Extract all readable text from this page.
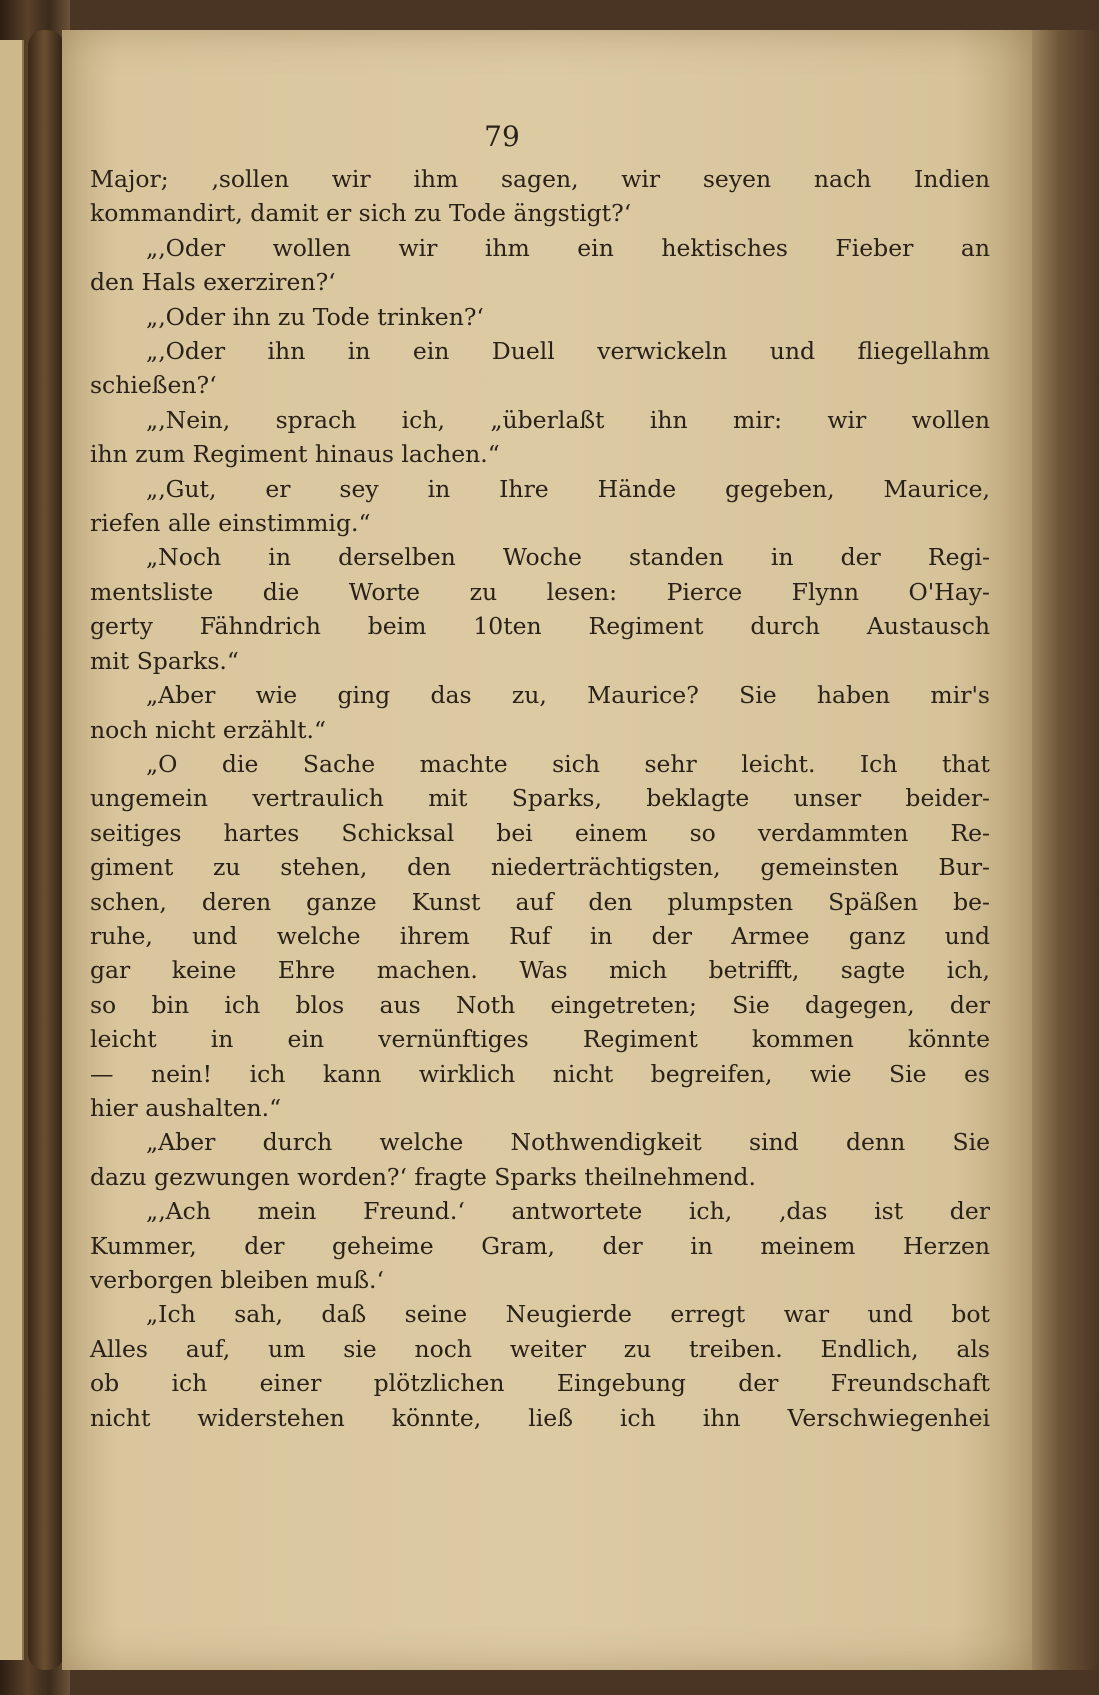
79
Major; ‚sollen wir ihm sagen, wir seyen nach Indien
kommandirt, damit er sich zu Tode ängstigt?‘
„‚Oder wollen wir ihm ein hektisches Fieber an
den Hals exerziren?‘
„‚Oder ihn zu Tode trinken?‘
„‚Oder ihn in ein Duell verwickeln und fliegellahm
schießen?‘
„‚Nein, sprach ich, „überlaßt ihn mir: wir wollen
ihn zum Regiment hinaus lachen.“
„‚Gut, er sey in Ihre Hände gegeben, Maurice,
riefen alle einstimmig.“
„Noch in derselben Woche standen in der Regi-
mentsliste die Worte zu lesen: Pierce Flynn O'Hay-
gerty Fähndrich beim 10ten Regiment durch Austausch
mit Sparks.“
„Aber wie ging das zu, Maurice? Sie haben mir's
noch nicht erzählt.“
„O die Sache machte sich sehr leicht. Ich that
ungemein vertraulich mit Sparks, beklagte unser beider-
seitiges hartes Schicksal bei einem so verdammten Re-
giment zu stehen, den niederträchtigsten, gemeinsten Bur-
schen, deren ganze Kunst auf den plumpsten Späßen be-
ruhe, und welche ihrem Ruf in der Armee ganz und
gar keine Ehre machen. Was mich betrifft, sagte ich,
so bin ich blos aus Noth eingetreten; Sie dagegen, der
leicht in ein vernünftiges Regiment kommen könnte
— nein! ich kann wirklich nicht begreifen, wie Sie es
hier aushalten.“
„Aber durch welche Nothwendigkeit sind denn Sie
dazu gezwungen worden?‘ fragte Sparks theilnehmend.
„‚Ach mein Freund.‘ antwortete ich, ‚das ist der
Kummer, der geheime Gram, der in meinem Herzen
verborgen bleiben muß.‘
„Ich sah, daß seine Neugierde erregt war und bot
Alles auf, um sie noch weiter zu treiben. Endlich, als
ob ich einer plötzlichen Eingebung der Freundschaft
nicht widerstehen könnte, ließ ich ihn Verschwiegenhei
